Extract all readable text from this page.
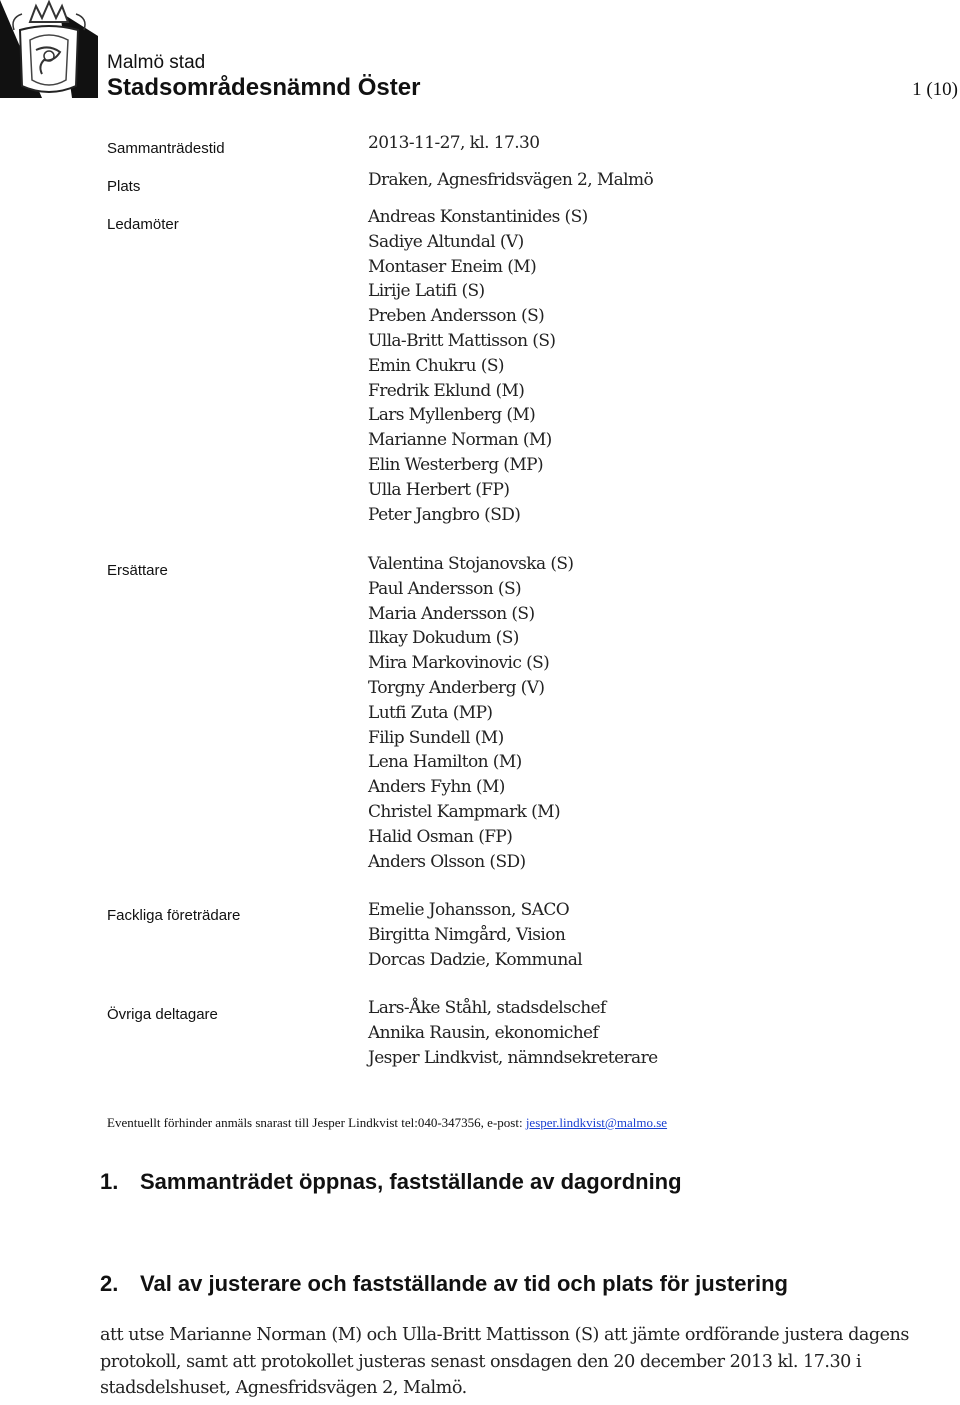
Malmö stad
Stadsområdesnämnd Öster	1 (10)
Sammanträdestid	2013-11-27, kl. 17.30
Plats	Draken, Agnesfridsvägen 2, Malmö
Ledamöter	Andreas Konstantinides (S)
Sadiye Altundal (V)
Montaser Eneim (M)
Lirije Latifi (S)
Preben Andersson (S)
Ulla-Britt Mattisson (S)
Emin Chukru (S)
Fredrik Eklund (M)
Lars Myllenberg (M)
Marianne Norman (M)
Elin Westerberg (MP)
Ulla Herbert (FP)
Peter Jangbro (SD)
Ersättare	Valentina Stojanovska (S)
Paul Andersson (S)
Maria Andersson (S)
Ilkay Dokudum (S)
Mira Markovinovic (S)
Torgny Anderberg (V)
Lutfi Zuta (MP)
Filip Sundell (M)
Lena Hamilton (M)
Anders Fyhn (M)
Christel Kampmark (M)
Halid Osman (FP)
Anders Olsson (SD)
Fackliga företrädare	Emelie Johansson, SACO
Birgitta Nimgård, Vision
Dorcas Dadzie, Kommunal
Övriga deltagare	Lars-Åke Ståhl, stadsdelschef
Annika Rausin, ekonomichef
Jesper Lindkvist, nämndsekreterare
Eventuellt förhinder anmäls snarast till Jesper Lindkvist tel:040-347356, e-post: jesper.lindkvist@malmo.se
1. Sammanträdet öppnas, fastställande av dagordning
2. Val av justerare och fastställande av tid och plats för justering
att utse Marianne Norman (M) och Ulla-Britt Mattisson (S) att jämte ordförande justera dagens protokoll, samt att protokollet justeras senast onsdagen den 20 december 2013 kl. 17.30 i stadsdelshuset, Agnesfridsvägen 2, Malmö.
